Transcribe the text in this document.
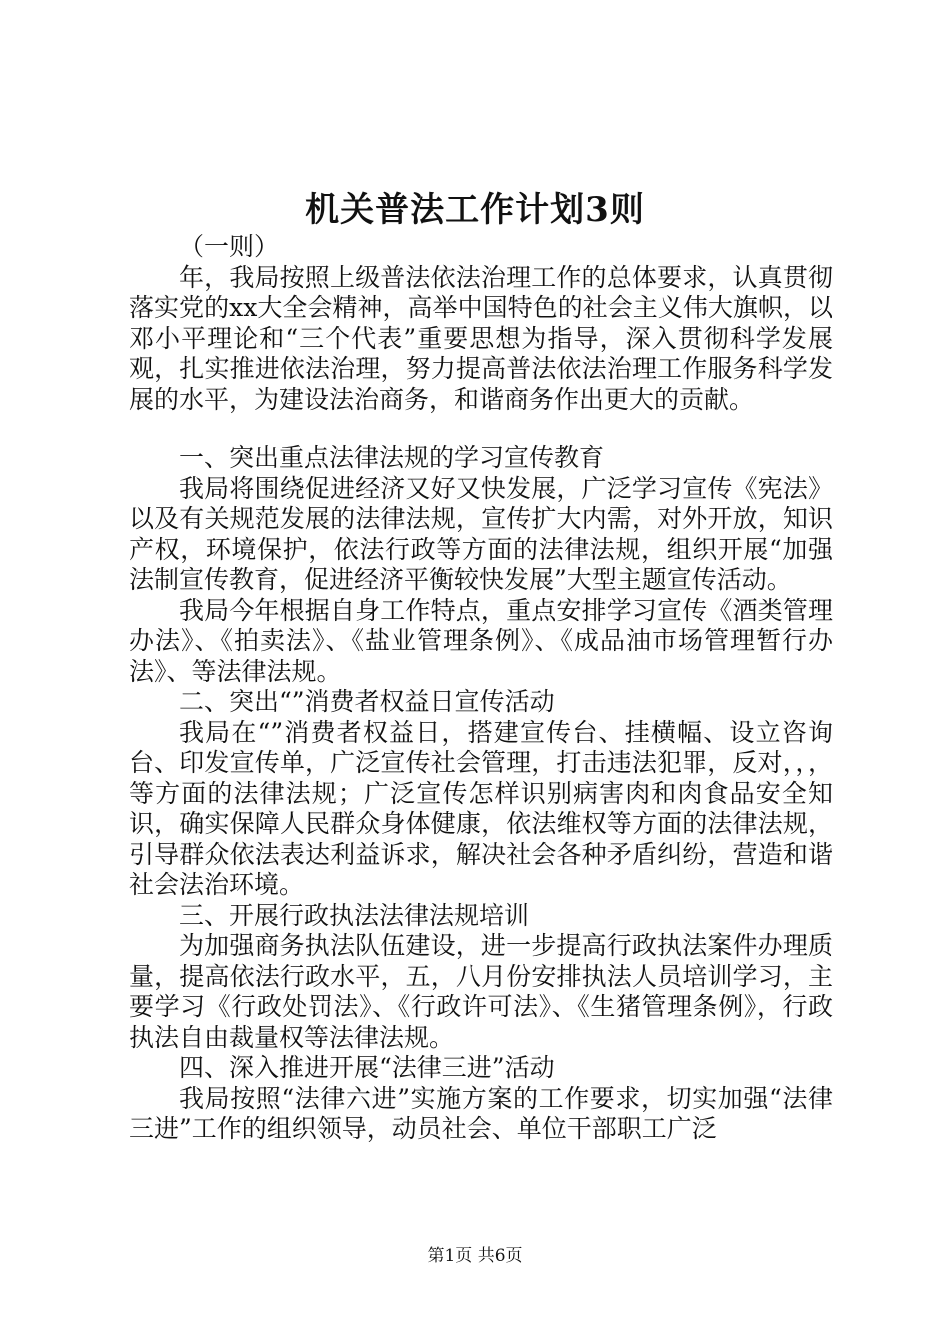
机关普法工作计划3则

（一则）

年，我局按照上级普法依法治理工作的总体要求，认真贯彻落实党的xx大全会精神，高举中国特色的社会主义伟大旗帜，以邓小平理论和“三个代表”重要思想为指导，深入贯彻科学发展观，扎实推进依法治理，努力提高普法依法治理工作服务科学发展的水平，为建设法治商务，和谐商务作出更大的贡献。

一、突出重点法律法规的学习宣传教育

我局将围绕促进经济又好又快发展，广泛学习宣传《宪法》以及有关规范发展的法律法规，宣传扩大内需，对外开放，知识产权，环境保护，依法行政等方面的法律法规，组织开展“加强法制宣传教育，促进经济平衡较快发展”大型主题宣传活动。

我局今年根据自身工作特点，重点安排学习宣传《酒类管理办法》、《拍卖法》、《盐业管理条例》、《成品油市场管理暂行办法》、等法律法规。

二、突出“”消费者权益日宣传活动

我局在“”消费者权益日，搭建宣传台、挂横幅、设立咨询台、印发宣传单，广泛宣传社会管理，打击违法犯罪，反对，，，等方面的法律法规；广泛宣传怎样识别病害肉和肉食品安全知识，确实保障人民群众身体健康，依法维权等方面的法律法规，引导群众依法表达利益诉求，解决社会各种矛盾纠纷，营造和谐社会法治环境。

三、开展行政执法法律法规培训

为加强商务执法队伍建设，进一步提高行政执法案件办理质量，提高依法行政水平，五，八月份安排执法人员培训学习，主要学习《行政处罚法》、《行政许可法》、《生猪管理条例》，行政执法自由裁量权等法律法规。

四、深入推进开展“法律三进”活动

我局按照“法律六进”实施方案的工作要求，切实加强“法律三进”工作的组织领导，动员社会、单位干部职工广泛

第1页 共6页
